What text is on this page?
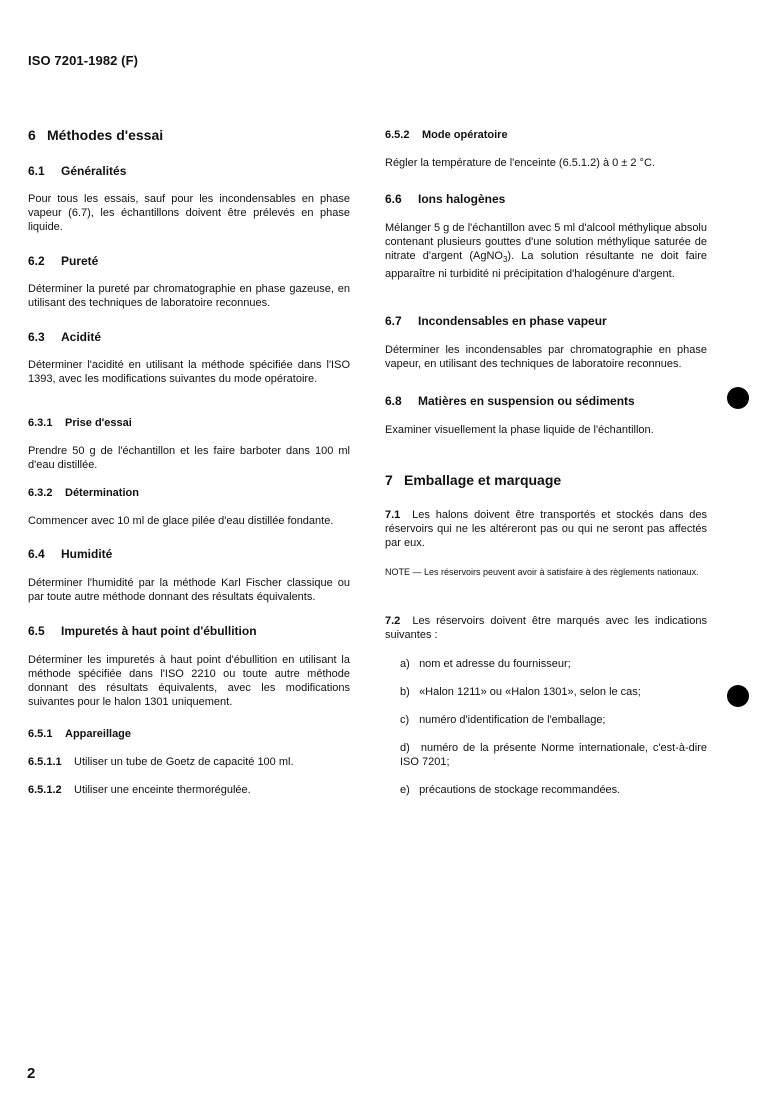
ISO 7201-1982 (F)
6 Méthodes d'essai
6.1 Généralités

Pour tous les essais, sauf pour les incondensables en phase vapeur (6.7), les échantillons doivent être prélevés en phase liquide.

6.2 Pureté

Déterminer la pureté par chromatographie en phase gazeuse, en utilisant des techniques de laboratoire reconnues.

6.3 Acidité

Déterminer l'acidité en utilisant la méthode spécifiée dans l'ISO 1393, avec les modifications suivantes du mode opératoire.

6.3.1 Prise d'essai

Prendre 50 g de l'échantillon et les faire barboter dans 100 ml d'eau distillée.

6.3.2 Détermination

Commencer avec 10 ml de glace pilée d'eau distillée fondante.

6.4 Humidité

Déterminer l'humidité par la méthode Karl Fischer classique ou par toute autre méthode donnant des résultats équivalents.

6.5 Impuretés à haut point d'ébullition

Déterminer les impuretés à haut point d'ébullition en utilisant la méthode spécifiée dans l'ISO 2210 ou toute autre méthode donnant des résultats équivalents, avec les modifications suivantes pour le halon 1301 uniquement.

6.5.1 Appareillage

6.5.1.1 Utiliser un tube de Goetz de capacité 100 ml.

6.5.1.2 Utiliser une enceinte thermorégulée.

6.5.2 Mode opératoire

Régler la température de l'enceinte (6.5.1.2) à 0 ± 2 °C.

6.6 Ions halogènes

Mélanger 5 g de l'échantillon avec 5 ml d'alcool méthylique absolu contenant plusieurs gouttes d'une solution méthylique saturée de nitrate d'argent (AgNO$_3$). La solution résultante ne doit faire apparaître ni turbidité ni précipitation d'halogénure d'argent.

6.7 Incondensables en phase vapeur

Déterminer les incondensables par chromatographie en phase vapeur, en utilisant des techniques de laboratoire reconnues.

6.8 Matières en suspension ou sédiments

Examiner visuellement la phase liquide de l'échantillon.

7 Emballage et marquage

7.1 Les halons doivent être transportés et stockés dans des réservoirs qui ne les altéreront pas ou qui ne seront pas affectés par eux.

NOTE — Les réservoirs peuvent avoir à satisfaire à des règlements nationaux.

7.2 Les réservoirs doivent être marqués avec les indications suivantes :

a) nom et adresse du fournisseur;

b) «Halon 1211» ou «Halon 1301», selon le cas;

c) numéro d'identification de l'emballage;

d) numéro de la présente Norme internationale, c'est-à-dire ISO 7201;

e) précautions de stockage recommandées.

2
